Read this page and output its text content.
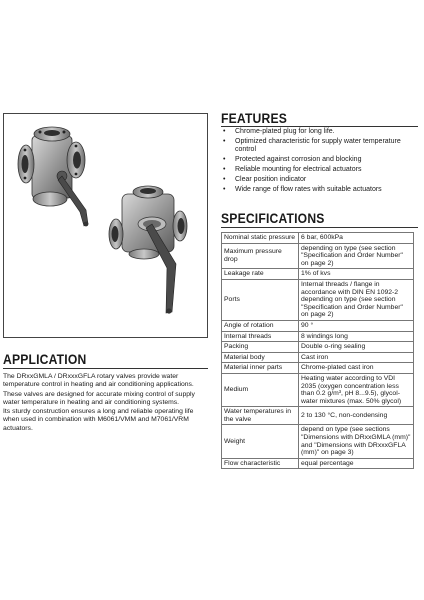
FEATURES
• Chrome-plated plug for long life.
• Optimized characteristic for supply water temperature control
• Protected against corrosion and blocking
• Reliable mounting for electrical actuators
• Clear position indicator
• Wide range of flow rates with suitable actuators
SPECIFICATIONS
Nominal static pressure	6 bar, 600kPa
Maximum pressure drop	depending on type (see section "Specification and Order Number" on page 2)
Leakage rate	1% of kvs
Ports	Internal threads / flange in accordance with DIN EN 1092-2 depending on type (see section "Specification and Order Number" on page 2)
Angle of rotation	90 °
Internal threads	8 windings long
Packing	Double o-ring sealing
Material body	Cast iron
Material inner parts	Chrome-plated cast iron
Medium	Heating water according to VDI 2035 (oxygen concentration less than 0.2 g/m³, pH 8...9.5), glycol-water mixtures (max. 50% glycol)
Water temperatures in the valve	2 to 130 °C, non-condensing
Weight	depend on type (see sections "Dimensions with DRxxGMLA (mm)" and "Dimensions with DRxxxGFLA (mm)" on page 3)
Flow characteristic	equal percentage
APPLICATION

The DRxxGMLA / DRxxxGFLA rotary valves provide water temperature control in heating and air conditioning applications.

These valves are designed for accurate mixing control of supply water temperature in heating and air conditioning systems.

Its sturdy construction ensures a long and reliable operating life when used in combination with M6061/VMM and M7061/VRM actuators.
